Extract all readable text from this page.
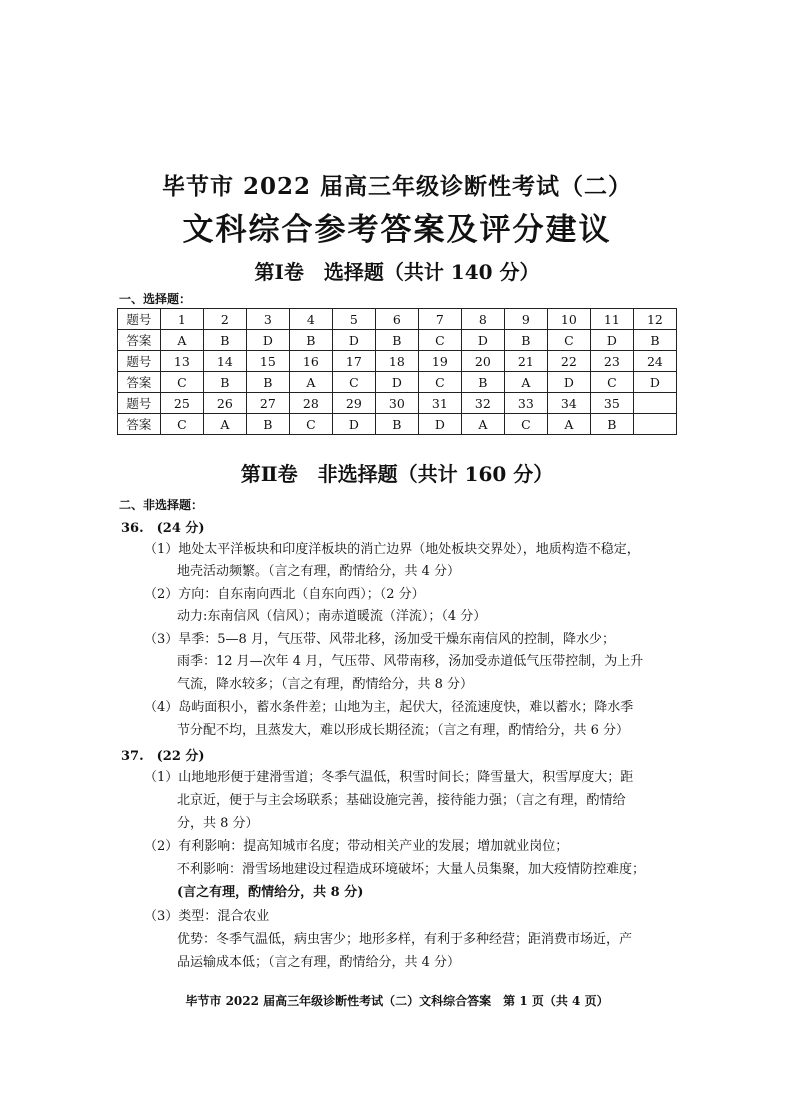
毕节市 2022 届高三年级诊断性考试（二）
文科综合参考答案及评分建议
第Ⅰ卷　选择题（共计 140 分）
一、选择题：
题号	1	2	3	4	5	6	7	8	9	10	11	12
答案	A	B	D	B	D	B	C	D	B	C	D	B
题号	13	14	15	16	17	18	19	20	21	22	23	24
答案	C	B	B	A	C	D	C	B	A	D	C	D
题号	25	26	27	28	29	30	31	32	33	34	35	
答案	C	A	B	C	D	B	D	A	C	A	B	
第Ⅱ卷　非选择题（共计 160 分）
二、非选择题：
36.　(24 分)
（1）地处太平洋板块和印度洋板块的消亡边界（地处板块交界处），地质构造不稳定，
地壳活动频繁。（言之有理，酌情给分，共 4 分）
（2）方向：自东南向西北（自东向西）；（2 分）
动力:东南信风（信风）；南赤道暖流（洋流）；（4 分）
（3）旱季：5—8 月，气压带、风带北移，汤加受干燥东南信风的控制，降水少；
雨季：12 月—次年 4 月，气压带、风带南移，汤加受赤道低气压带控制，为上升
气流，降水较多；（言之有理，酌情给分，共 8 分）
（4）岛屿面积小，蓄水条件差；山地为主，起伏大，径流速度快，难以蓄水；降水季
节分配不均，且蒸发大，难以形成长期径流；（言之有理，酌情给分，共 6 分）
37.　(22 分)
（1）山地地形便于建滑雪道；冬季气温低，积雪时间长；降雪量大，积雪厚度大；距
北京近，便于与主会场联系；基础设施完善，接待能力强；（言之有理，酌情给
分，共 8 分）
（2）有利影响：提高知城市名度；带动相关产业的发展；增加就业岗位；
不利影响：滑雪场地建设过程造成环境破坏；大量人员集聚，加大疫情防控难度；
(言之有理，酌情给分，共 8 分)
（3）类型：混合农业
优势：冬季气温低，病虫害少；地形多样，有利于多种经营；距消费市场近，产
品运输成本低；（言之有理，酌情给分，共 4 分）
毕节市 2022 届高三年级诊断性考试（二）文科综合答案　第 1 页（共 4 页）
